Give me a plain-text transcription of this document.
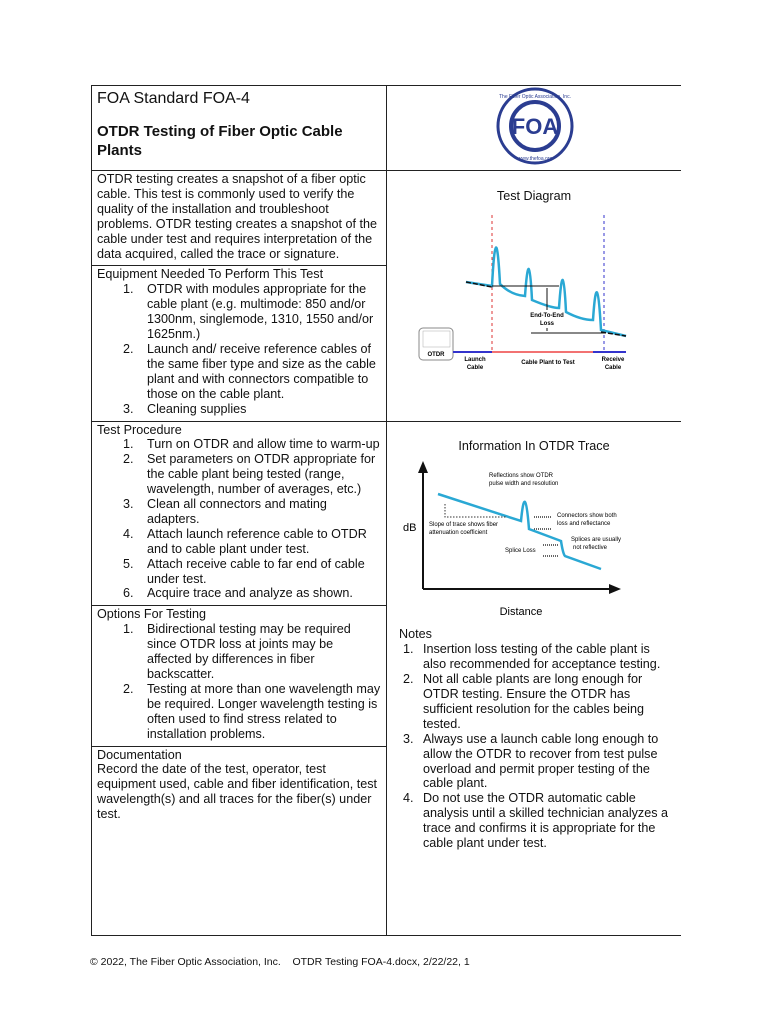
FOA Standard FOA-4
OTDR Testing of Fiber Optic Cable Plants
FOA
The Fiber Optic Association, Inc.
www.thefoa.org
OTDR testing creates a snapshot of a fiber optic cable. This test is commonly used to verify the quality of the installation and troubleshoot problems. OTDR testing creates a snapshot of the cable under test and requires interpretation of the data acquired, called the trace or signature.
Equipment Needed To Perform This Test
1. OTDR with modules appropriate for the cable plant (e.g. multimode: 850 and/or 1300nm, singlemode, 1310, 1550 and/or 1625nm.)
2. Launch and/ receive reference cables of the same fiber type and size as the cable plant and with connectors compatible to those on the cable plant.
3. Cleaning supplies
Test Procedure
1. Turn on OTDR and allow time to warm-up
2. Set parameters on OTDR appropriate for the cable plant being tested (range, wavelength, number of averages, etc.)
3. Clean all connectors and mating adapters.
4. Attach launch reference cable to OTDR and to cable plant under test.
5. Attach receive cable to far end of cable under test.
6. Acquire trace and analyze as shown.
Options For Testing
1. Bidirectional testing may be required since OTDR loss at joints may be affected by differences in fiber backscatter.
2. Testing at more than one wavelength may be required. Longer wavelength testing is often used to find stress related to installation problems.
Documentation
Record the date of the test, operator, test equipment used, cable and fiber identification, test wavelength(s) and all traces for the fiber(s) under test.
Test Diagram
End-To-End
Loss
OTDR
Launch
Cable
Cable Plant to Test	Receive
Cable
Information In OTDR Trace
dB
Distance
Reflections show OTDR
pulse width and resolution
Connectors show both
loss and reflectance
Slope of trace shows fiber
attenuation coefficient
Splices are usually
not reflective
Splice Loss
Notes
1. Insertion loss testing of the cable plant is also recommended for acceptance testing.
2. Not all cable plants are long enough for OTDR testing. Ensure the OTDR has sufficient resolution for the cables being tested.
3. Always use a launch cable long enough to allow the OTDR to recover from test pulse overload and permit proper testing of the cable plant.
4. Do not use the OTDR automatic cable analysis until a skilled technician analyzes a trace and confirms it is appropriate for the cable plant under test.
© 2022, The Fiber Optic Association, Inc.    OTDR Testing FOA-4.docx, 2/22/22, 1
